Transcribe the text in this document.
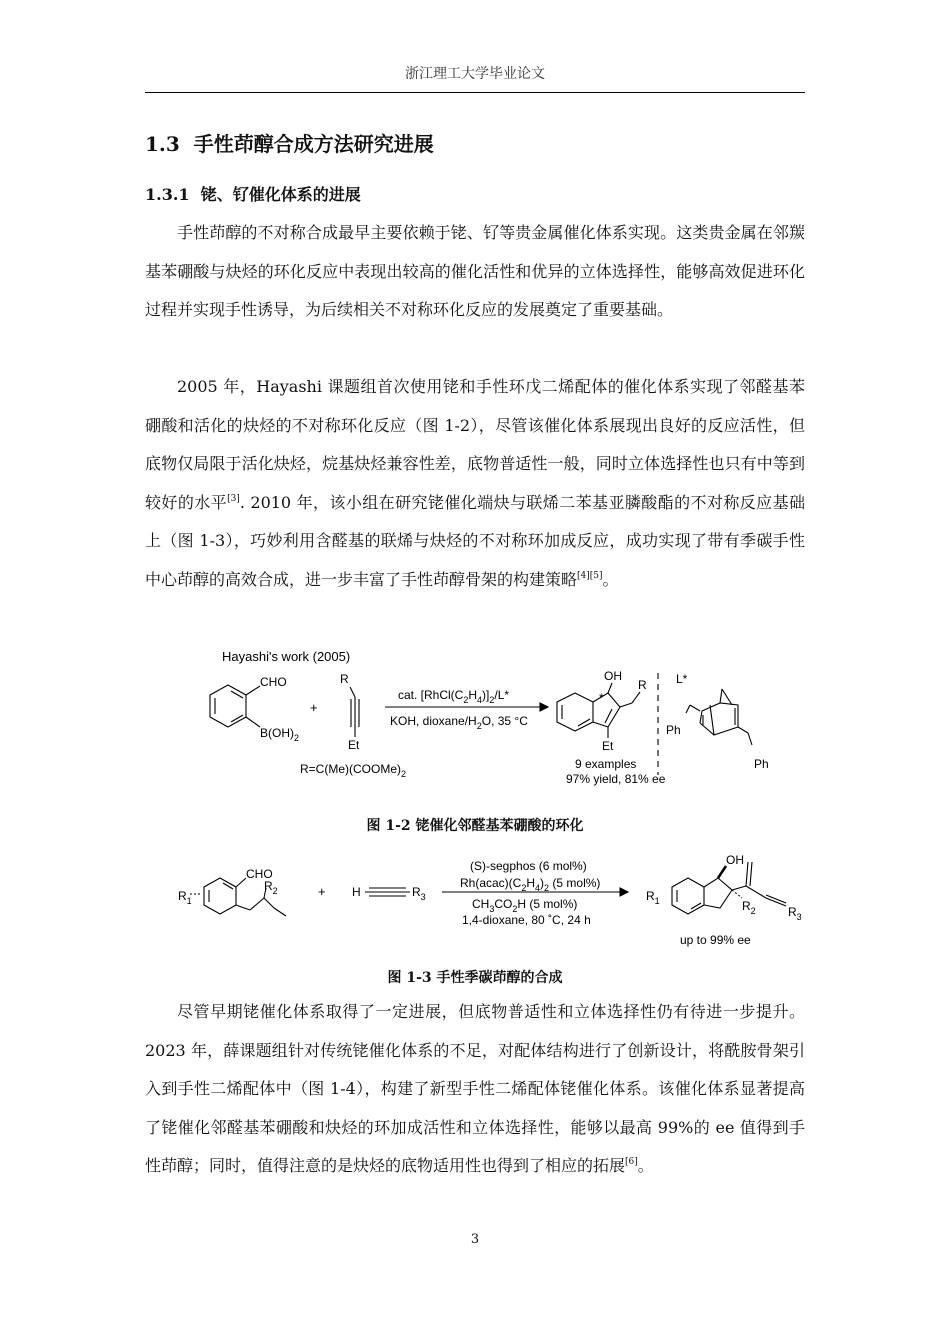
浙江理工大学毕业论文
1.3 手性茚醇合成方法研究进展
1.3.1 铑、钌催化体系的进展

手性茚醇的不对称合成最早主要依赖于铑、钌等贵金属催化体系实现。这类贵金属在邻羰基苯硼酸与炔烃的环化反应中表现出较高的催化活性和优异的立体选择性，能够高效促进环化过程并实现手性诱导，为后续相关不对称环化反应的发展奠定了重要基础。

2005 年，Hayashi 课题组首次使用铑和手性环戊二烯配体的催化体系实现了邻醛基苯硼酸和活化的炔烃的不对称环化反应（图 1-2），尽管该催化体系展现出良好的反应活性，但底物仅局限于活化炔烃，烷基炔烃兼容性差，底物普适性一般，同时立体选择性也只有中等到较好的水平[3]. 2010 年，该小组在研究铑催化端炔与联烯二苯基亚膦酸酯的不对称反应基础上（图 1-3），巧妙利用含醛基的联烯与炔烃的不对称环加成反应，成功实现了带有季碳手性中心茚醇的高效合成，进一步丰富了手性茚醇骨架的构建策略[4][5]。

Hayashi's work (2005)
CHO
$B(OH)_2$
+
R
Et
cat. $[RhCl(C_2H_4)]_2/L*$
KOH, dioxane/$H_2O$, 35 °C
OH
*
R
Et
9 examples
97% yield, 81% ee
L*
Ph
Ph
$R=C(Me)(COOMe)_2$
图 1-2 铑催化邻醛基苯硼酸的环化
CHO
$R_1$
$R_2$	+ H	$R_3$
(S)-segphos (6 mol%)
$Rh(acac)(C_2H_4)_2$ (5 mol%)
$CH_3CO_2H$ (5 mol%)
1,4-dioxane, 80 ˚C, 24 h
OH
$R_1$	$R_2$	$R_3$
up to 99% ee
图 1-3 手性季碳茚醇的合成

尽管早期铑催化体系取得了一定进展，但底物普适性和立体选择性仍有待进一步提升。2023 年，薛课题组针对传统铑催化体系的不足，对配体结构进行了创新设计，将酰胺骨架引入到手性二烯配体中（图 1-4），构建了新型手性二烯配体铑催化体系。该催化体系显著提高了铑催化邻醛基苯硼酸和炔烃的环加成活性和立体选择性，能够以最高 99%的 ee 值得到手性茚醇；同时，值得注意的是炔烃的底物适用性也得到了相应的拓展[6]。

3
